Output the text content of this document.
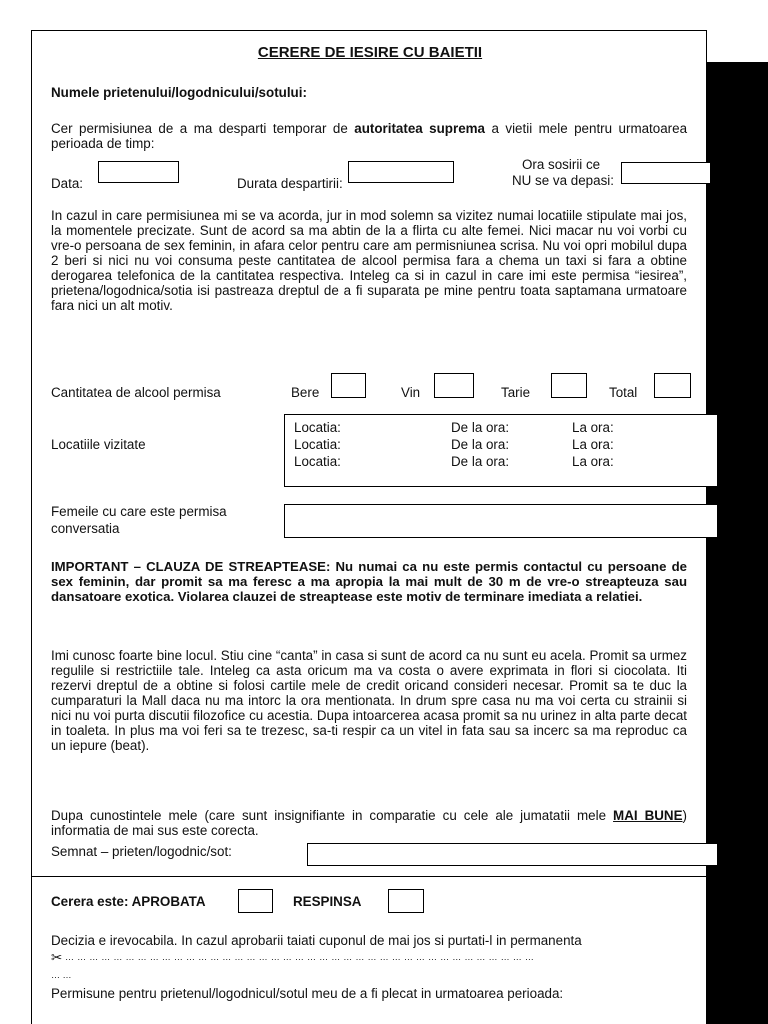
CERERE DE IESIRE CU BAIETII
Numele prietenului/logodnicului/sotului:
Cer permisiunea de a ma desparti temporar de autoritatea suprema a vietii mele pentru urmatoarea perioada de timp:
Data:	Durata despartirii:
Ora sosirii ce
NU se va depasi:
In cazul in care permisiunea mi se va acorda, jur in mod solemn sa vizitez numai locatiile stipulate mai jos, la momentele precizate. Sunt de acord sa ma abtin de la a flirta cu alte femei. Nici macar nu voi vorbi cu vre-o persoana de sex feminin, in afara celor pentru care am permisniunea scrisa. Nu voi opri mobilul dupa 2 beri si nici nu voi consuma peste cantitatea de alcool permisa fara a chema un taxi si fara a obtine derogarea telefonica de la cantitatea respectiva. Inteleg ca si in cazul in care imi este permisa “iesirea”, prietena/logodnica/sotia isi pastreaza dreptul de a fi suparata pe mine pentru toata saptamana urmatoare fara nici un alt motiv.
Cantitatea de alcool permisa	Bere	Vin	Tarie	Total
Locatiile vizitate
Locatia:	De la ora:	La ora:
Locatia:	De la ora:	La ora:
Locatia:	De la ora:	La ora:
Femeile cu care este permisa
conversatia
IMPORTANT – CLAUZA DE STREAPTEASE: Nu numai ca nu este permis contactul cu persoane de sex feminin, dar promit sa ma feresc a ma apropia la mai mult de 30 m de vre-o streapteuza sau dansatoare exotica. Violarea clauzei de streaptease este motiv de terminare imediata a relatiei.
Imi cunosc foarte bine locul. Stiu cine “canta” in casa si sunt de acord ca nu sunt eu acela. Promit sa urmez regulile si restrictiile tale. Inteleg ca asta oricum ma va costa o avere exprimata in flori si ciocolata. Iti rezervi dreptul de a obtine si folosi cartile mele de credit oricand consideri necesar. Promit sa te duc la cumparaturi la Mall daca nu ma intorc la ora mentionata. In drum spre casa nu ma voi certa cu strainii si nici nu voi purta discutii filozofice cu acestia. Dupa intoarcerea acasa promit sa nu urinez in alta parte decat in toaleta. In plus ma voi feri sa te trezesc, sa-ti respir ca un vitel in fata sau sa incerc sa ma reproduc ca un iepure (beat).
Dupa cunostintele mele (care sunt insignifiante in comparatie cu cele ale jumatatii mele MAI BUNE) informatia de mai sus este corecta.
Semnat – prieten/logodnic/sot:
Cerera este: APROBATA	RESPINSA
Decizia e irevocabila. In cazul aprobarii taiati cuponul de mai jos si purtati-l in permanenta
✂ … … … … … … … … … … … … … … … … … … … … … … … … … … … … … … … … … … … … … … …
… …
Permisune pentru prietenul/logodnicul/sotul meu de a fi plecat in urmatoarea perioada:
